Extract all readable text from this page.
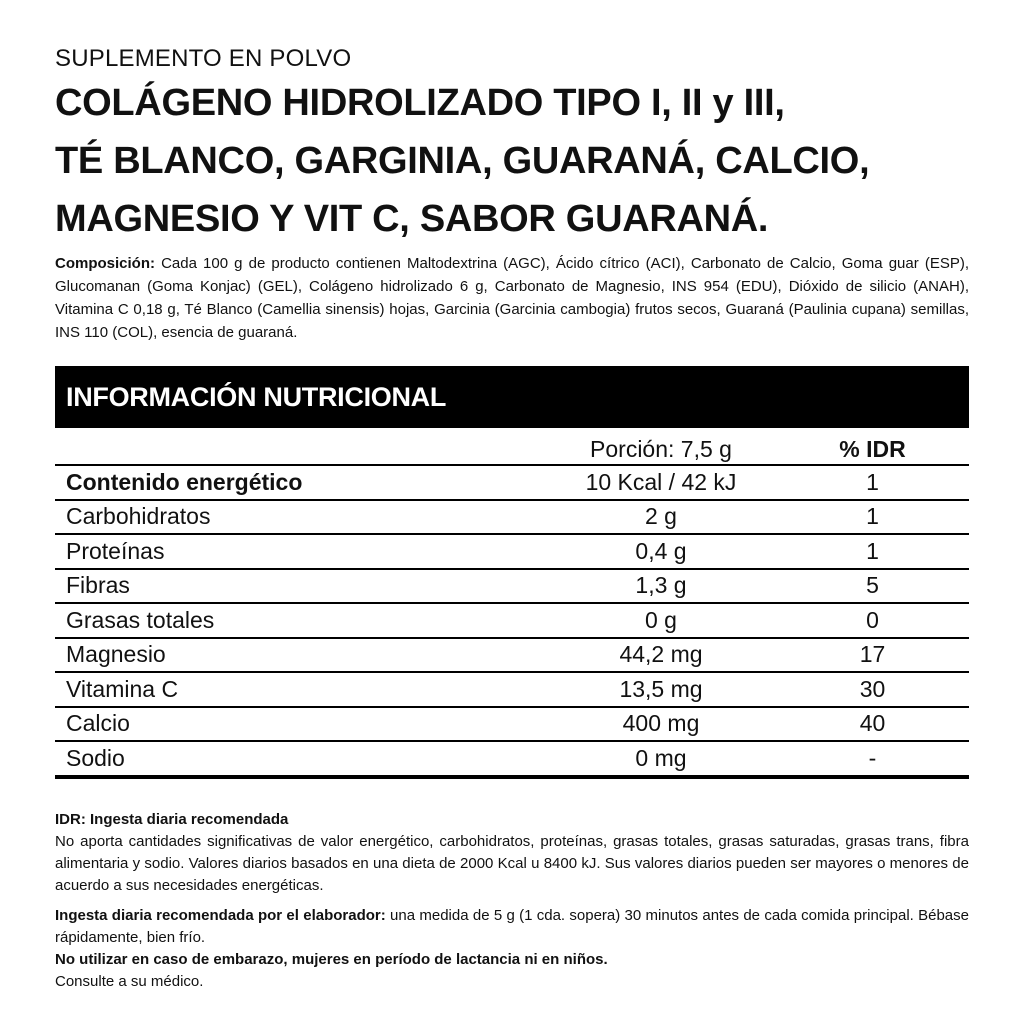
SUPLEMENTO EN POLVO

COLÁGENO HIDROLIZADO TIPO I, II y III,
TÉ BLANCO, GARGINIA, GUARANÁ, CALCIO,
MAGNESIO Y VIT C, SABOR GUARANÁ.
Composición: Cada 100 g de producto contienen Maltodextrina (AGC), Ácido cítrico (ACI), Carbonato de Calcio, Goma guar (ESP), Glucomanan (Goma Konjac) (GEL), Colágeno hidrolizado 6 g, Carbonato de Magnesio, INS 954 (EDU), Dióxido de silicio (ANAH), Vitamina C 0,18 g, Té Blanco (Camellia sinensis) hojas, Garcinia (Garcinia cambogia) frutos secos, Guaraná (Paulinia cupana) semillas, INS 110 (COL), esencia de guaraná.
INFORMACIÓN NUTRICIONAL
	Porción: 7,5 g	% IDR
Contenido energético	10 Kcal / 42 kJ	1
Carbohidratos	2 g	1
Proteínas	0,4 g	1
Fibras	1,3 g	5
Grasas totales	0 g	0
Magnesio	44,2 mg	17
Vitamina C	13,5 mg	30
Calcio	400 mg	40
Sodio	0 mg	-

IDR: Ingesta diaria recomendada

No aporta cantidades significativas de valor energético, carbohidratos, proteínas, grasas totales, grasas saturadas, grasas trans, fibra alimentaria y sodio. Valores diarios basados en una dieta de 2000 Kcal u 8400 kJ. Sus valores diarios pueden ser mayores o menores de acuerdo a sus necesidades energéticas.

Ingesta diaria recomendada por el elaborador: una medida de 5 g (1 cda. sopera) 30 minutos antes de cada comida principal. Bébase rápidamente, bien frío.

No utilizar en caso de embarazo, mujeres en período de lactancia ni en niños.

Consulte a su médico.
